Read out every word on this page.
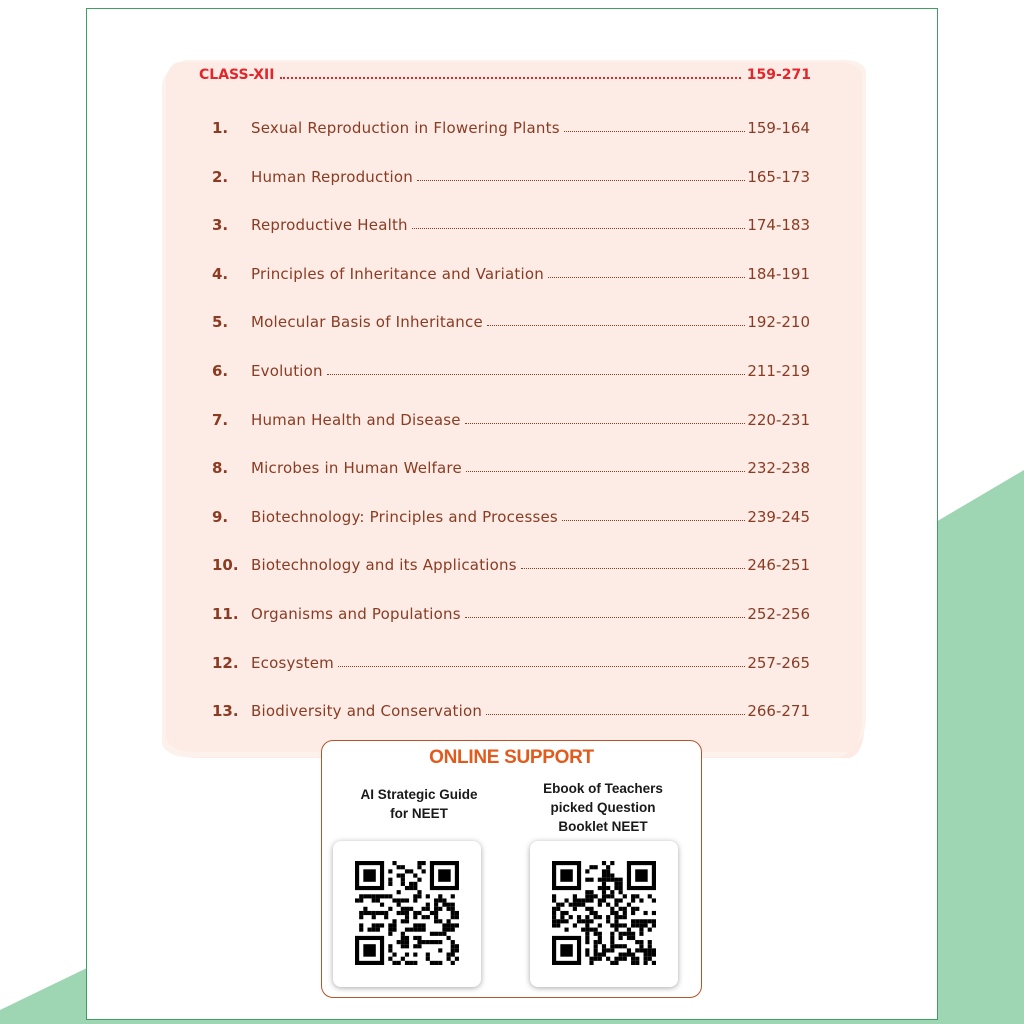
CLASS-XII	159-271
1.	Sexual Reproduction in Flowering Plants	159-164
2.	Human Reproduction	165-173
3.	Reproductive Health	174-183
4.	Principles of Inheritance and Variation	184-191
5.	Molecular Basis of Inheritance	192-210
6.	Evolution	211-219
7.	Human Health and Disease	220-231
8.	Microbes in Human Welfare	232-238
9.	Biotechnology: Principles and Processes	239-245
10. Biotechnology and its Applications	246-251
11. Organisms and Populations	252-256
12. Ecosystem	257-265
13. Biodiversity and Conservation	266-271
ONLINE SUPPORT
AI Strategic Guide
for NEET
Ebook of Teachers
picked Question
Booklet NEET
